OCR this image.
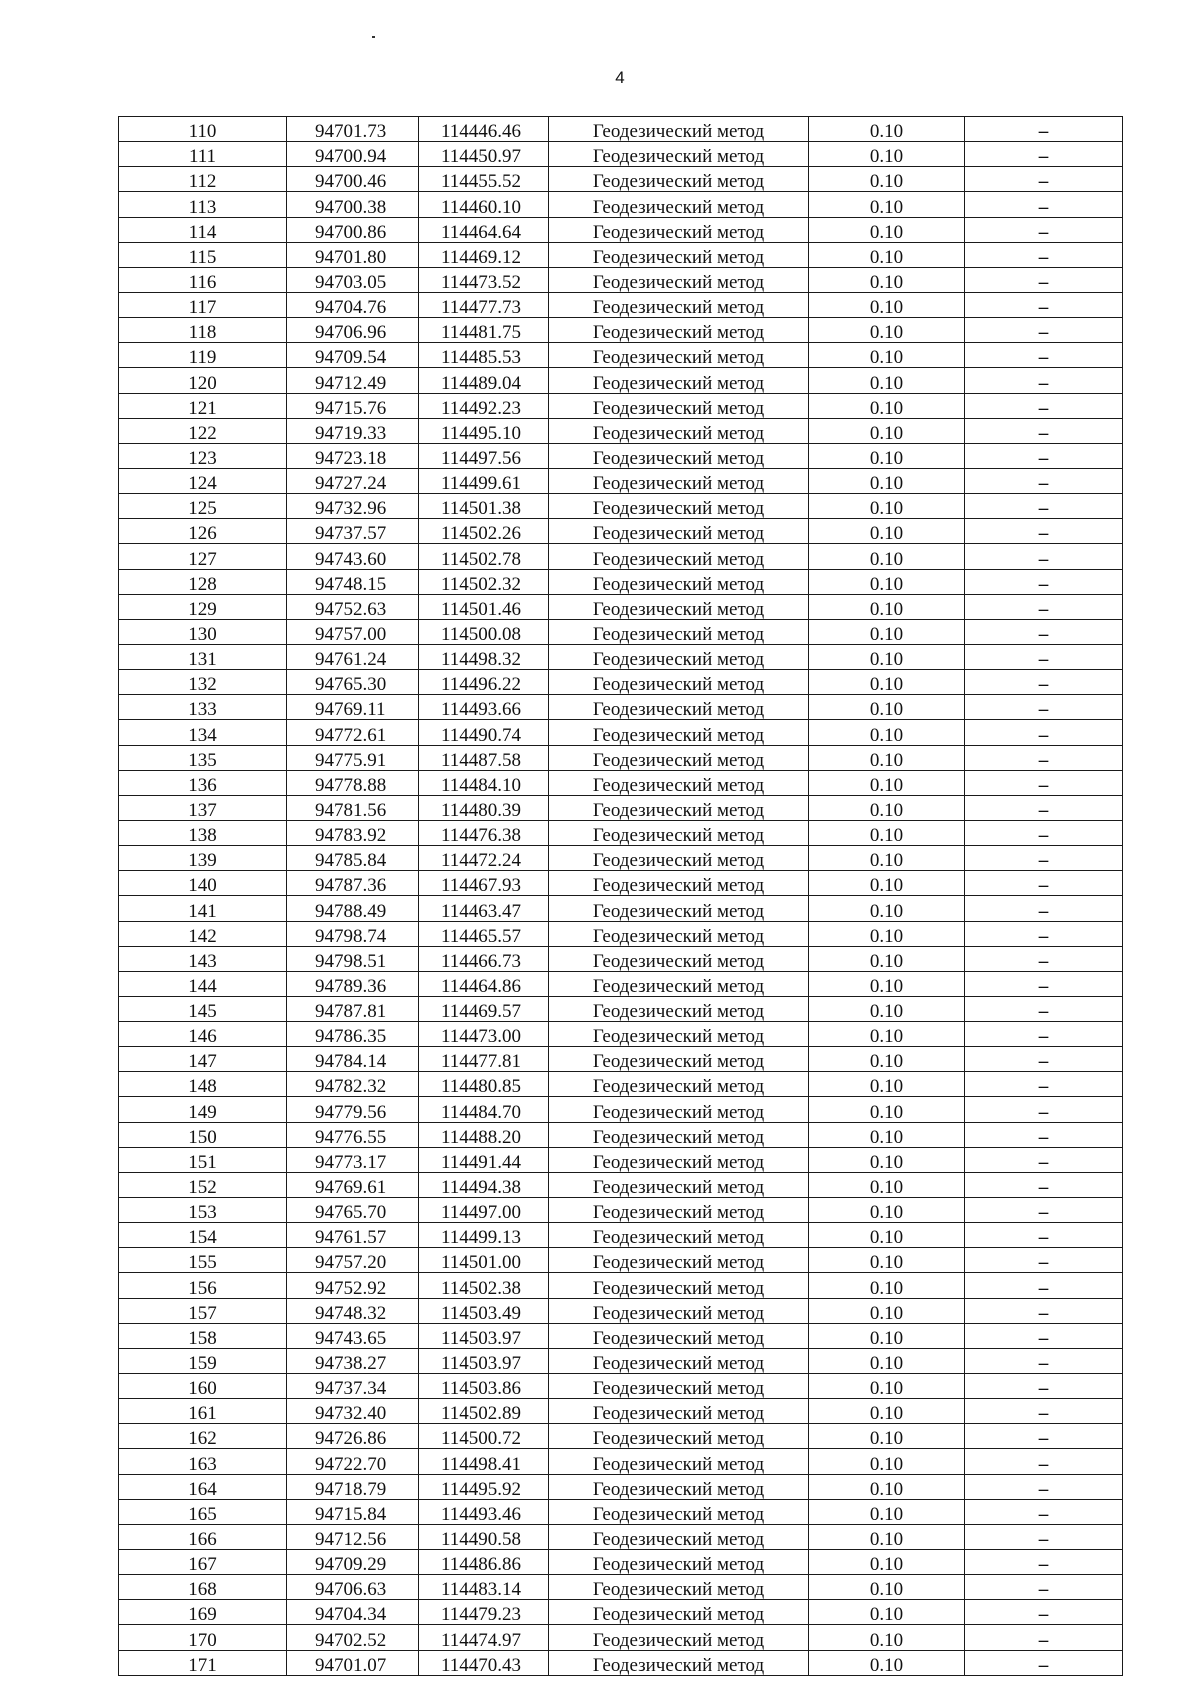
4
110	94701.73	114446.46	Геодезический метод	0.10	–
111	94700.94	114450.97	Геодезический метод	0.10	–
112	94700.46	114455.52	Геодезический метод	0.10	–
113	94700.38	114460.10	Геодезический метод	0.10	–
114	94700.86	114464.64	Геодезический метод	0.10	–
115	94701.80	114469.12	Геодезический метод	0.10	–
116	94703.05	114473.52	Геодезический метод	0.10	–
117	94704.76	114477.73	Геодезический метод	0.10	–
118	94706.96	114481.75	Геодезический метод	0.10	–
119	94709.54	114485.53	Геодезический метод	0.10	–
120	94712.49	114489.04	Геодезический метод	0.10	–
121	94715.76	114492.23	Геодезический метод	0.10	–
122	94719.33	114495.10	Геодезический метод	0.10	–
123	94723.18	114497.56	Геодезический метод	0.10	–
124	94727.24	114499.61	Геодезический метод	0.10	–
125	94732.96	114501.38	Геодезический метод	0.10	–
126	94737.57	114502.26	Геодезический метод	0.10	–
127	94743.60	114502.78	Геодезический метод	0.10	–
128	94748.15	114502.32	Геодезический метод	0.10	–
129	94752.63	114501.46	Геодезический метод	0.10	–
130	94757.00	114500.08	Геодезический метод	0.10	–
131	94761.24	114498.32	Геодезический метод	0.10	–
132	94765.30	114496.22	Геодезический метод	0.10	–
133	94769.11	114493.66	Геодезический метод	0.10	–
134	94772.61	114490.74	Геодезический метод	0.10	–
135	94775.91	114487.58	Геодезический метод	0.10	–
136	94778.88	114484.10	Геодезический метод	0.10	–
137	94781.56	114480.39	Геодезический метод	0.10	–
138	94783.92	114476.38	Геодезический метод	0.10	–
139	94785.84	114472.24	Геодезический метод	0.10	–
140	94787.36	114467.93	Геодезический метод	0.10	–
141	94788.49	114463.47	Геодезический метод	0.10	–
142	94798.74	114465.57	Геодезический метод	0.10	–
143	94798.51	114466.73	Геодезический метод	0.10	–
144	94789.36	114464.86	Геодезический метод	0.10	–
145	94787.81	114469.57	Геодезический метод	0.10	–
146	94786.35	114473.00	Геодезический метод	0.10	–
147	94784.14	114477.81	Геодезический метод	0.10	–
148	94782.32	114480.85	Геодезический метод	0.10	–
149	94779.56	114484.70	Геодезический метод	0.10	–
150	94776.55	114488.20	Геодезический метод	0.10	–
151	94773.17	114491.44	Геодезический метод	0.10	–
152	94769.61	114494.38	Геодезический метод	0.10	–
153	94765.70	114497.00	Геодезический метод	0.10	–
154	94761.57	114499.13	Геодезический метод	0.10	–
155	94757.20	114501.00	Геодезический метод	0.10	–
156	94752.92	114502.38	Геодезический метод	0.10	–
157	94748.32	114503.49	Геодезический метод	0.10	–
158	94743.65	114503.97	Геодезический метод	0.10	–
159	94738.27	114503.97	Геодезический метод	0.10	–
160	94737.34	114503.86	Геодезический метод	0.10	–
161	94732.40	114502.89	Геодезический метод	0.10	–
162	94726.86	114500.72	Геодезический метод	0.10	–
163	94722.70	114498.41	Геодезический метод	0.10	–
164	94718.79	114495.92	Геодезический метод	0.10	–
165	94715.84	114493.46	Геодезический метод	0.10	–
166	94712.56	114490.58	Геодезический метод	0.10	–
167	94709.29	114486.86	Геодезический метод	0.10	–
168	94706.63	114483.14	Геодезический метод	0.10	–
169	94704.34	114479.23	Геодезический метод	0.10	–
170	94702.52	114474.97	Геодезический метод	0.10	–
171	94701.07	114470.43	Геодезический метод	0.10	–
